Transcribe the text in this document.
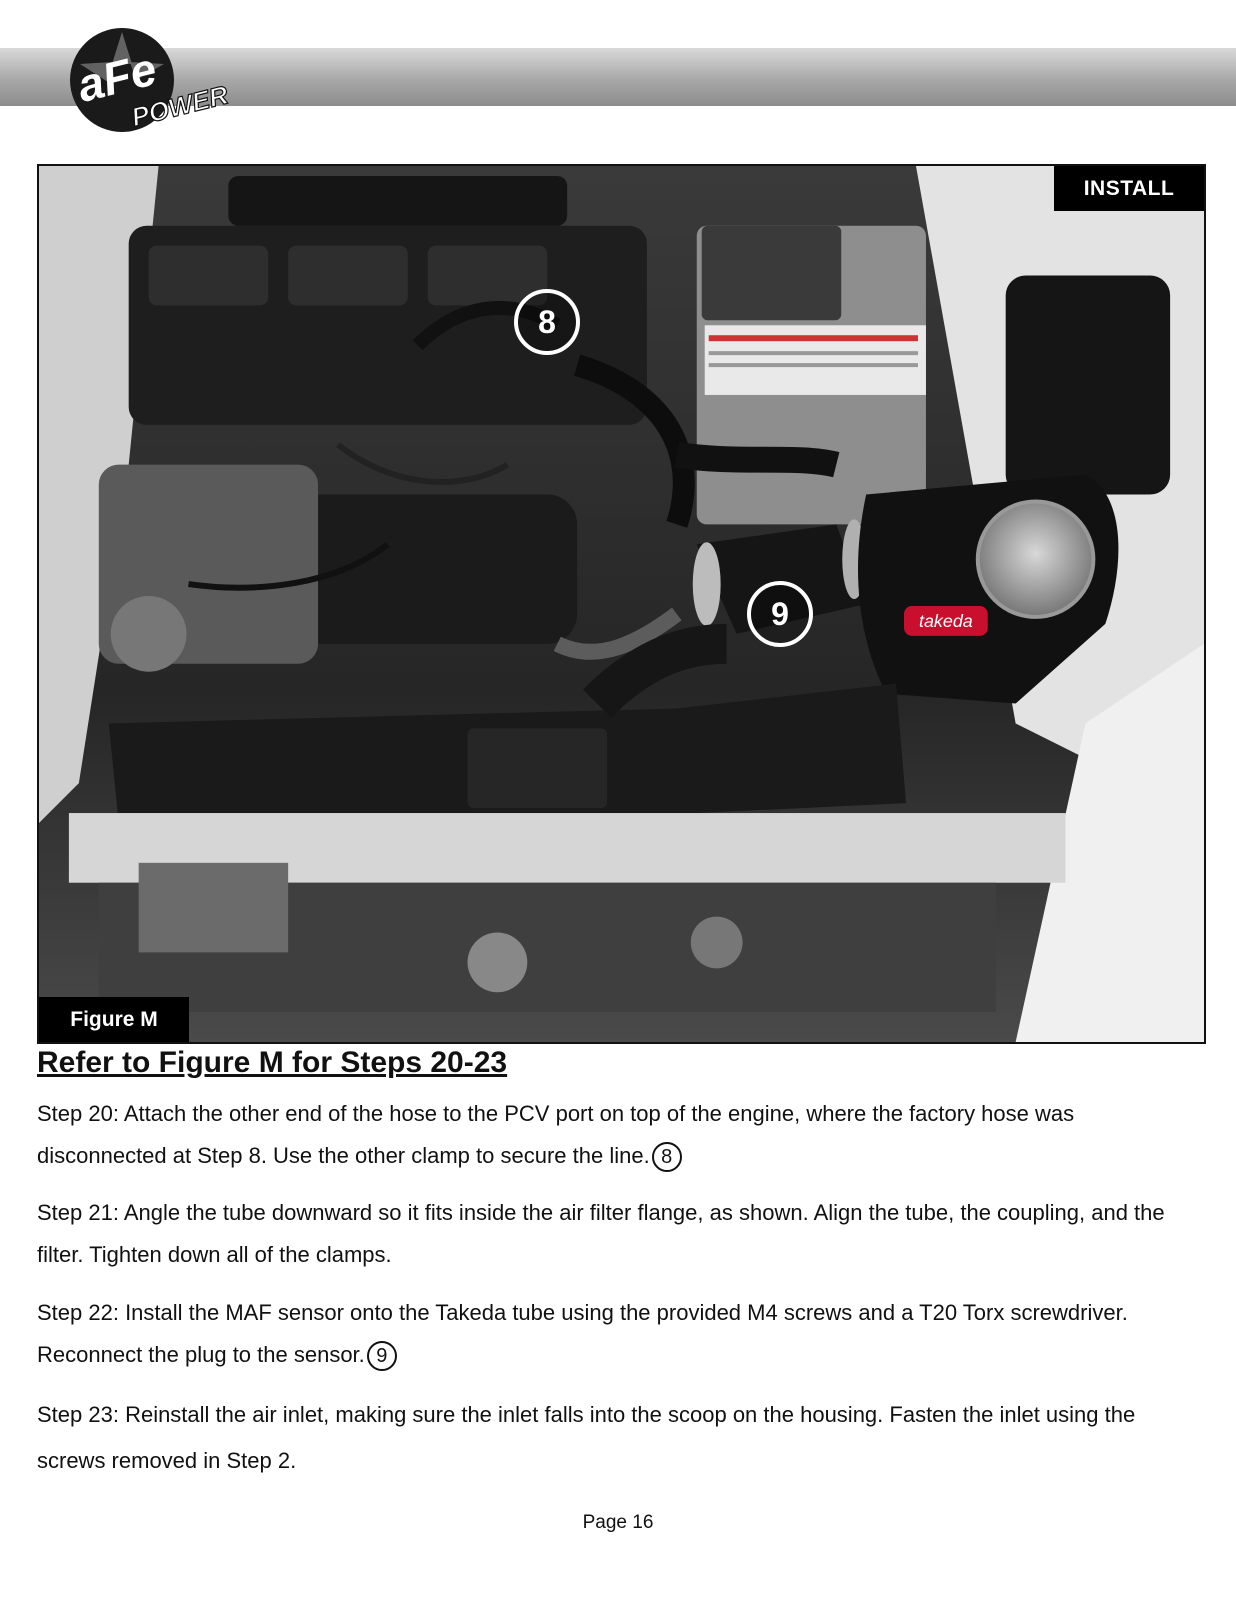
aFe
POWER
takeda
INSTALL
Figure M
8
9
Refer to Figure M for Steps 20-23

Step 20: Attach the other end of the hose to the PCV port on top of the engine, where the factory hose was disconnected at Step 8. Use the other clamp to secure the line. 8

Step 21: Angle the tube downward so it fits inside the air filter flange, as shown. Align the tube, the coupling, and the filter. Tighten down all of the clamps.

Step 22: Install the MAF sensor onto the Takeda tube using the provided M4 screws and a T20 Torx screwdriver. Reconnect the plug to the sensor. 9

Step 23: Reinstall the air inlet, making sure the inlet falls into the scoop on the housing. Fasten the inlet using the screws removed in Step 2.

Page 16
